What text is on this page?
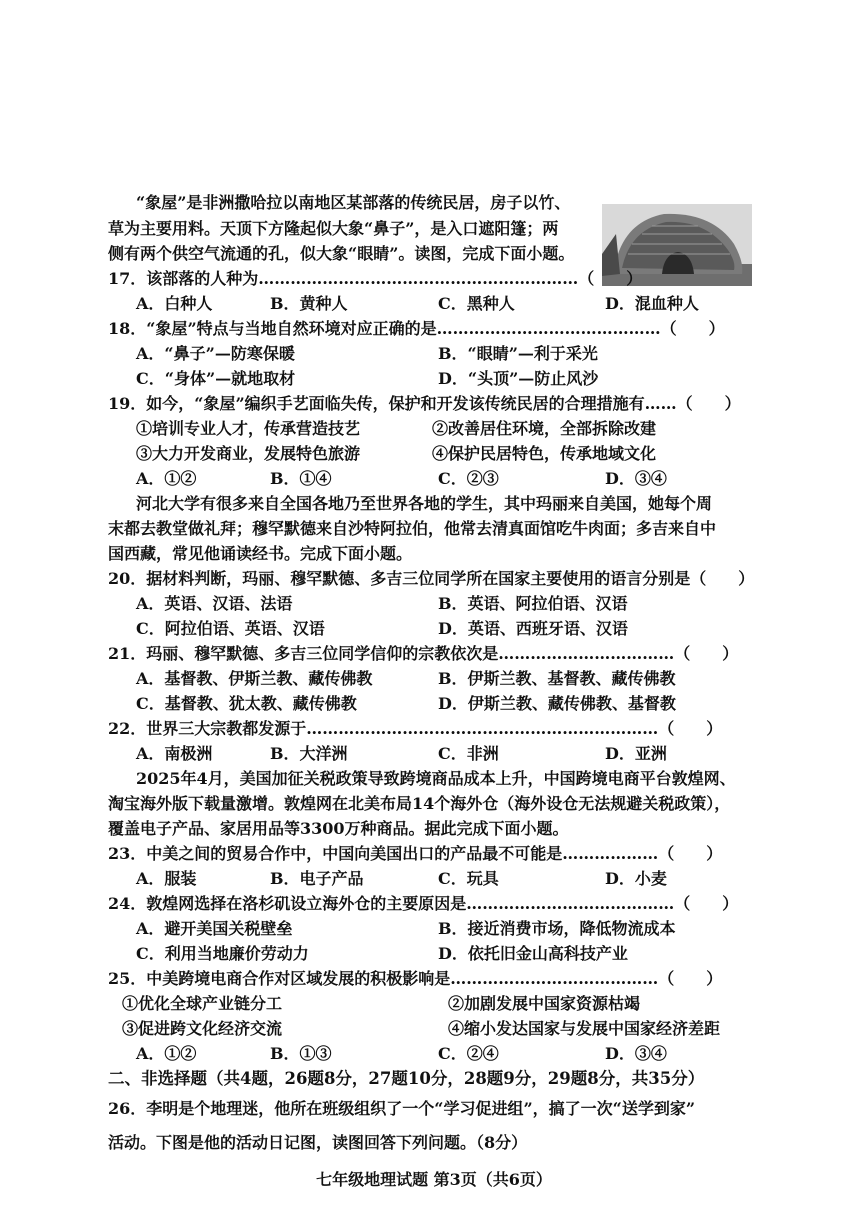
“象屋”是非洲撒哈拉以南地区某部落的传统民居，房子以竹、
草为主要用料。天顶下方隆起似大象“鼻子”，是入口遮阳篷；两
侧有两个供空气流通的孔，似大象“眼睛”。读图，完成下面小题。
17．该部落的人种为……………………………………………………（　　）
A．白种人	B．黄种人	C．黑种人	D．混血种人
18．“象屋”特点与当地自然环境对应正确的是……………………………………（　　）
A．“鼻子”—防寒保暖	B．“眼睛”—利于采光
C．“身体”—就地取材	D．“头顶”—防止风沙
19．如今，“象屋”编织手艺面临失传，保护和开发该传统民居的合理措施有……（　　）
①培训专业人才，传承营造技艺	②改善居住环境，全部拆除改建
③大力开发商业，发展特色旅游	④保护民居特色，传承地域文化
A．①②	B．①④	C．②③	D．③④
河北大学有很多来自全国各地乃至世界各地的学生，其中玛丽来自美国，她每个周
末都去教堂做礼拜；穆罕默德来自沙特阿拉伯，他常去清真面馆吃牛肉面；多吉来自中
国西藏，常见他诵读经书。完成下面小题。
20．据材料判断，玛丽、穆罕默德、多吉三位同学所在国家主要使用的语言分别是（　　）
A．英语、汉语、法语	B．英语、阿拉伯语、汉语
C．阿拉伯语、英语、汉语	D．英语、西班牙语、汉语
21．玛丽、穆罕默德、多吉三位同学信仰的宗教依次是……………………………（　　）
A．基督教、伊斯兰教、藏传佛教	B．伊斯兰教、基督教、藏传佛教
C．基督教、犹太教、藏传佛教	D．伊斯兰教、藏传佛教、基督教
22．世界三大宗教都发源于…………………………………………………………（　　）
A．南极洲	B．大洋洲	C．非洲	D．亚洲
2025年4月，美国加征关税政策导致跨境商品成本上升，中国跨境电商平台敦煌网、
淘宝海外版下载量激增。敦煌网在北美布局14个海外仓（海外设仓无法规避关税政策），
覆盖电子产品、家居用品等3300万种商品。据此完成下面小题。
23．中美之间的贸易合作中，中国向美国出口的产品最不可能是………………（　　）
A．服装	B．电子产品	C．玩具	D．小麦
24．敦煌网选择在洛杉矶设立海外仓的主要原因是…………………………………（　　）
A．避开美国关税壁垒	B．接近消费市场，降低物流成本
C．利用当地廉价劳动力	D．依托旧金山高科技产业
25．中美跨境电商合作对区域发展的积极影响是…………………………………（　　）
①优化全球产业链分工	②加剧发展中国家资源枯竭
③促进跨文化经济交流	④缩小发达国家与发展中国家经济差距
A．①②	B．①③	C．②④	D．③④
二、非选择题（共4题，26题8分，27题10分，28题9分，29题8分，共35分）
26．李明是个地理迷，他所在班级组织了一个“学习促进组”，搞了一次“送学到家”
活动。下图是他的活动日记图，读图回答下列问题。（8分）
七年级地理试题 第3页（共6页）
